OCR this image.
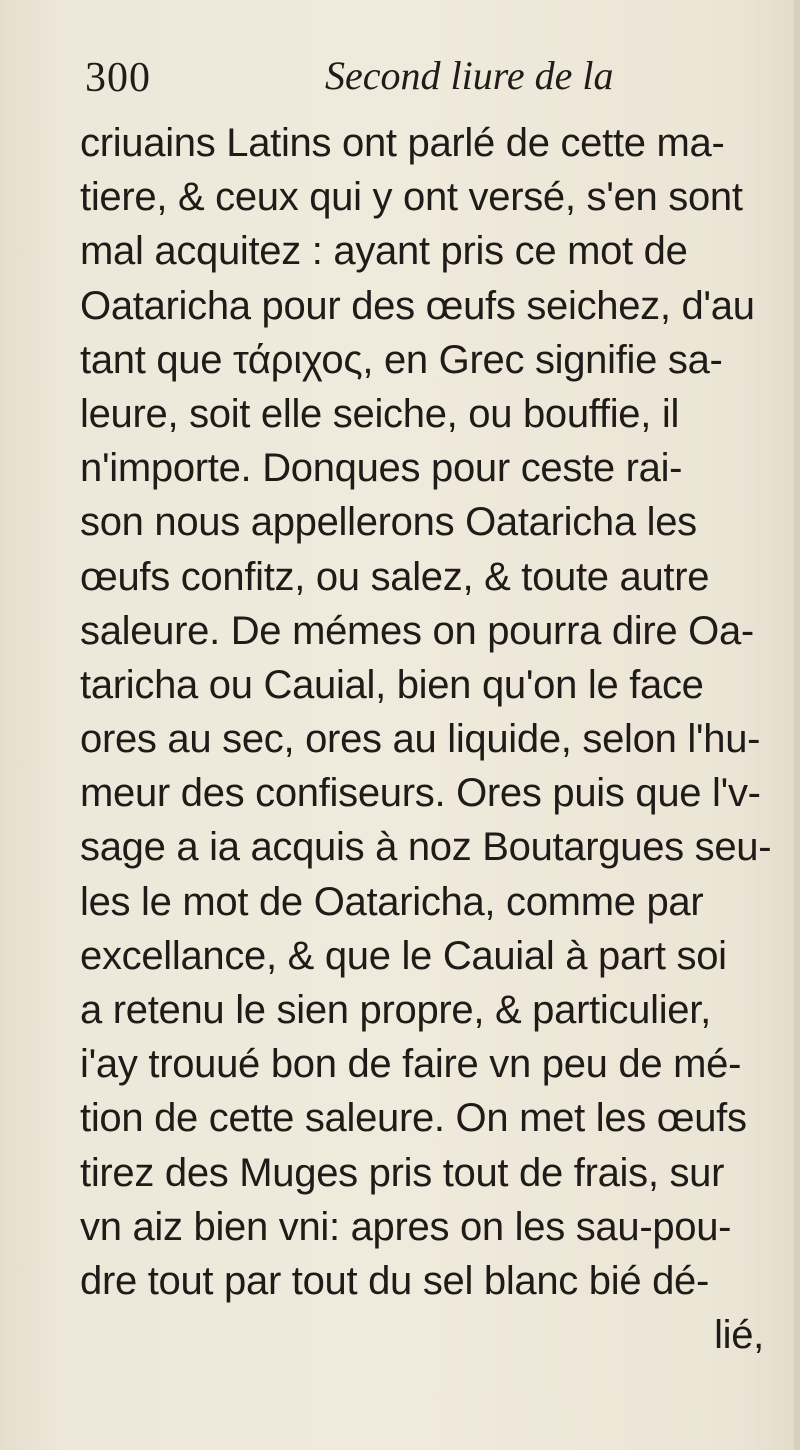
300	Second liure de la
criuains Latins ont parlé de cette ma-
tiere, & ceux qui y ont versé, s'en sont
mal acquitez : ayant pris ce mot de
Oataricha pour des œufs seichez, d'au
tant que τάριχος, en Grec signifie sa-
leure, soit elle seiche, ou bouffie, il
n'importe. Donques pour ceste rai-
son nous appellerons Oataricha les
œufs confitz, ou salez, & toute autre
saleure. De mémes on pourra dire Oa-
taricha ou Cauial, bien qu'on le face
ores au sec, ores au liquide, selon l'hu-
meur des confiseurs. Ores puis que l'v-
sage a ia acquis à noz Boutargues seu-
les le mot de Oataricha, comme par
excellance, & que le Cauial à part soi
a retenu le sien propre, & particulier,
i'ay trouué bon de faire vn peu de mé-
tion de cette saleure. On met les œufs
tirez des Muges pris tout de frais, sur
vn aiz bien vni: apres on les sau-pou-
dre tout par tout du sel blanc bié dé-
lié,
